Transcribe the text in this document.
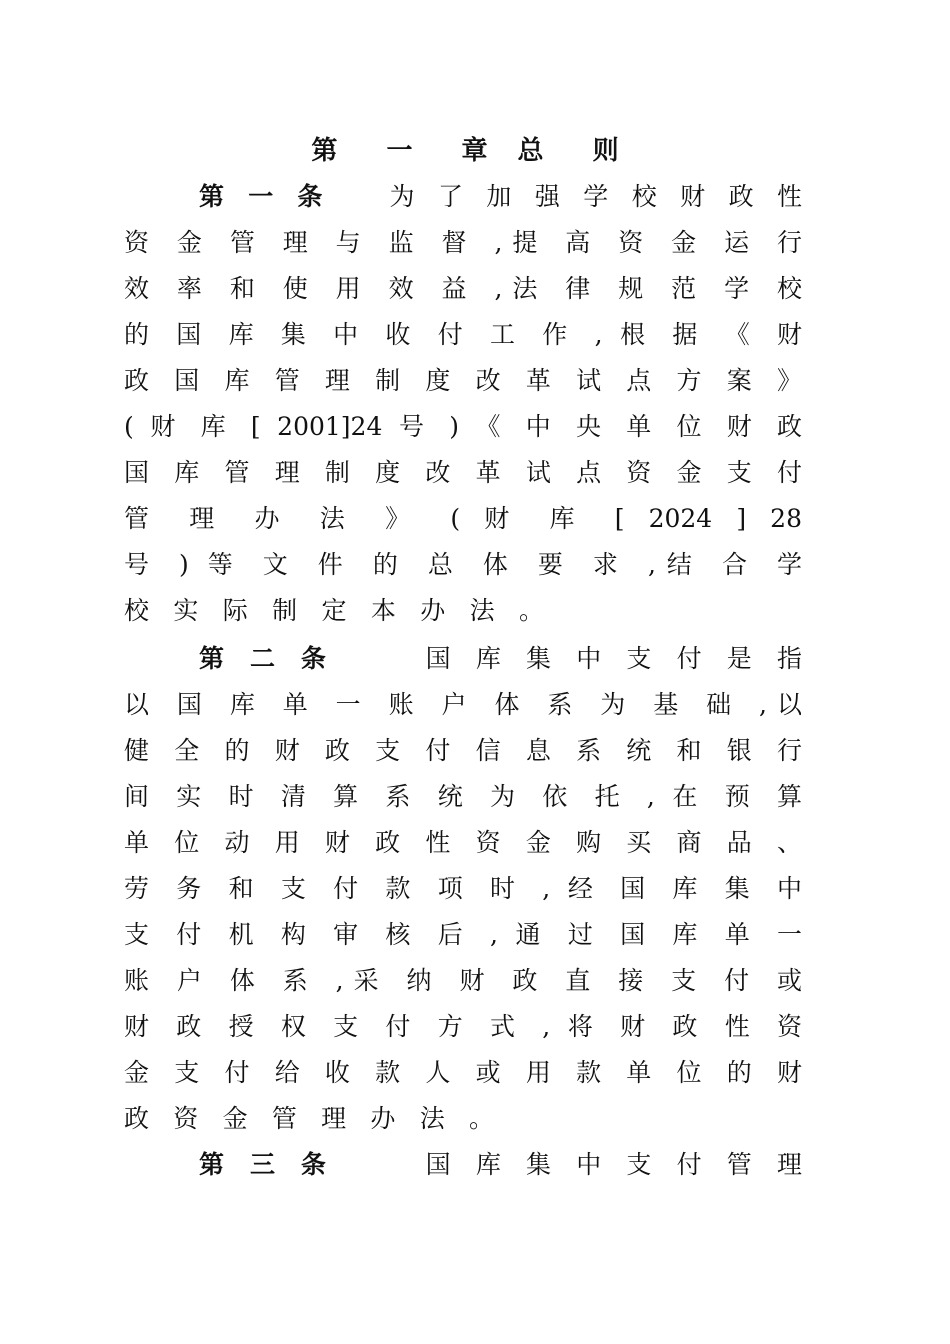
第 一 章 总 则
第 一 条 为 了 加 强 学 校 财 政 性
资 金 管 理 与 监 督 ,提 高 资 金 运 行
效 率 和 使 用 效 益 ,法 律 规 范 学 校
的 国 库 集 中 收 付 工 作 , 根 据 《 财
政 国 库 管 理 制 度 改 革 试 点 方 案 》
( 财 库 [ 2001]24 号 ) 《 中 央 单 位 财 政
国 库 管 理 制 度 改 革 试 点 资 金 支 付
管 理 办 法 》 ( 财 库 [ 2024 ] 28
号 ) 等 文 件 的 总 体 要 求 ,结 合 学
校 实 际 制 定 本 办 法 。
第 二 条	国 库 集 中 支 付 是 指
以 国 库 单 一 账 户 体 系 为 基 础 ,以
健 全 的 财 政 支 付 信 息 系 统 和 银 行
间 实 时 清 算 系 统 为 依 托 , 在 预 算
单 位 动 用 财 政 性 资 金 购 买 商 品 、
劳 务 和 支 付 款 项 时 , 经 国 库 集 中
支 付 机 构 审 核 后 , 通 过 国 库 单 一
账 户 体 系 ,采 纳 财 政 直 接 支 付 或
财 政 授 权 支 付 方 式 , 将 财 政 性 资
金 支 付 给 收 款 人 或 用 款 单 位 的 财
政 资 金 管 理 办 法 。
第 三 条	国 库 集 中 支 付 管 理
